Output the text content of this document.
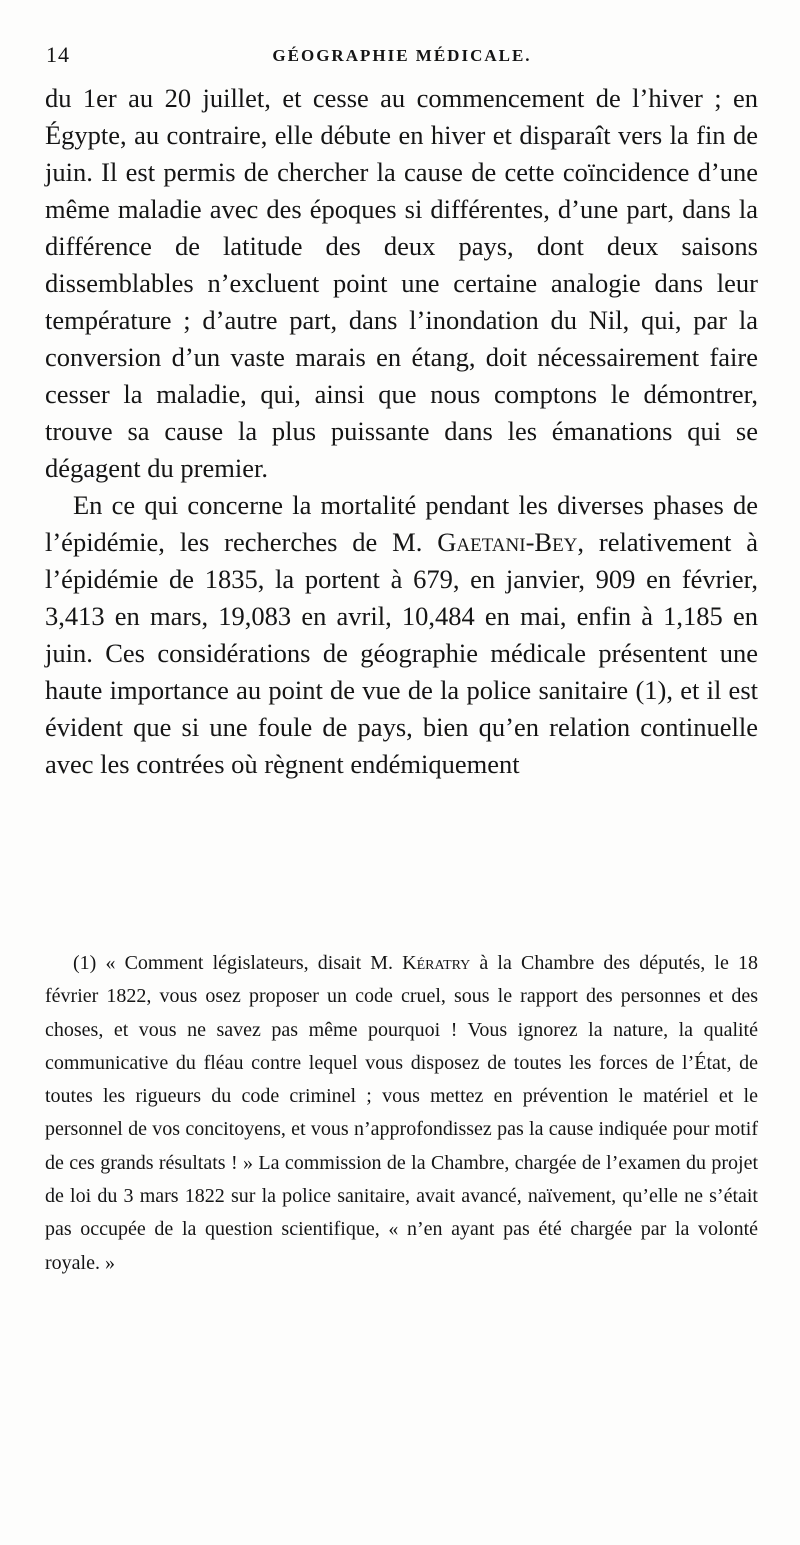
14	GÉOGRAPHIE MÉDICALE.

du 1er au 20 juillet, et cesse au commencement de l’hiver ; en Égypte, au contraire, elle débute en hiver et disparaît vers la fin de juin. Il est permis de chercher la cause de cette coïncidence d’une même maladie avec des époques si différentes, d’une part, dans la différence de latitude des deux pays, dont deux saisons dissemblables n’excluent point une certaine analogie dans leur température ; d’autre part, dans l’inondation du Nil, qui, par la conversion d’un vaste marais en étang, doit nécessairement faire cesser la maladie, qui, ainsi que nous comptons le démontrer, trouve sa cause la plus puissante dans les émanations qui se dégagent du premier.

En ce qui concerne la mortalité pendant les diverses phases de l’épidémie, les recherches de M. Gaetani-Bey, relativement à l’épidémie de 1835, la portent à 679, en janvier, 909 en février, 3,413 en mars, 19,083 en avril, 10,484 en mai, enfin à 1,185 en juin. Ces considérations de géographie médicale présentent une haute importance au point de vue de la police sanitaire (1), et il est évident que si une foule de pays, bien qu’en relation continuelle avec les contrées où règnent endémiquement

(1) « Comment législateurs, disait M. Kératry à la Chambre des députés, le 18 février 1822, vous osez proposer un code cruel, sous le rapport des personnes et des choses, et vous ne savez pas même pourquoi ! Vous ignorez la nature, la qualité communicative du fléau contre lequel vous disposez de toutes les forces de l’État, de toutes les rigueurs du code criminel ; vous mettez en prévention le matériel et le personnel de vos concitoyens, et vous n’approfondissez pas la cause indiquée pour motif de ces grands résultats ! » La commission de la Chambre, chargée de l’examen du projet de loi du 3 mars 1822 sur la police sanitaire, avait avancé, naïvement, qu’elle ne s’était pas occupée de la question scientifique, « n’en ayant pas été chargée par la volonté royale. »
